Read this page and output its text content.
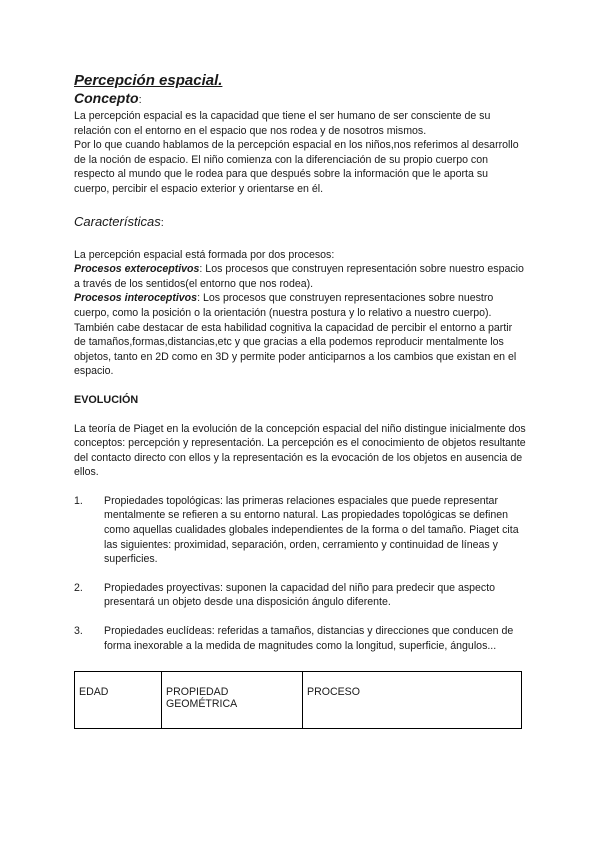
Percepción espacial.

Concepto:

La percepción espacial es la capacidad que tiene el ser humano de ser consciente de su relación con el entorno en el espacio que nos rodea y de nosotros mismos.

Por lo que cuando hablamos de la percepción espacial en los niños,nos referimos al desarrollo de la noción de espacio. El niño comienza con la diferenciación de su propio cuerpo con respecto al mundo que le rodea para que después sobre la información que le aporta su cuerpo, percibir el espacio exterior y orientarse en él.

Características:

La percepción espacial está formada por dos procesos:

Procesos exteroceptivos: Los procesos que construyen representación sobre nuestro espacio a través de los sentidos(el entorno que nos rodea).

Procesos interoceptivos: Los procesos que construyen representaciones sobre nuestro cuerpo, como la posición o la orientación (nuestra postura y lo relativo a nuestro cuerpo).

También cabe destacar de esta habilidad cognitiva la capacidad de percibir el entorno a partir de tamaños,formas,distancias,etc y que gracias a ella podemos reproducir mentalmente los objetos, tanto en 2D como en 3D y permite poder anticiparnos a los cambios que existan en el espacio.

EVOLUCIÓN

La teoría de Piaget en la evolución de la concepción espacial del niño distingue inicialmente dos conceptos: percepción y representación. La percepción es el conocimiento de objetos resultante del contacto directo con ellos y la representación es la evocación de los objetos en ausencia de ellos.

1.	Propiedades topológicas: las primeras relaciones espaciales que puede representar mentalmente se refieren a su entorno natural. Las propiedades topológicas se definen como aquellas cualidades globales independientes de la forma o del tamaño. Piaget cita las siguientes: proximidad, separación, orden, cerramiento y continuidad de líneas y superficies.
2.	Propiedades proyectivas: suponen la capacidad del niño para predecir que aspecto presentará un objeto desde una disposición ángulo diferente.
3.	Propiedades euclídeas: referidas a tamaños, distancias y direcciones que conducen de forma inexorable a la medida de magnitudes como la longitud, superficie, ángulos...
EDAD	PROPIEDAD GEOMÉTRICA	PROCESO
